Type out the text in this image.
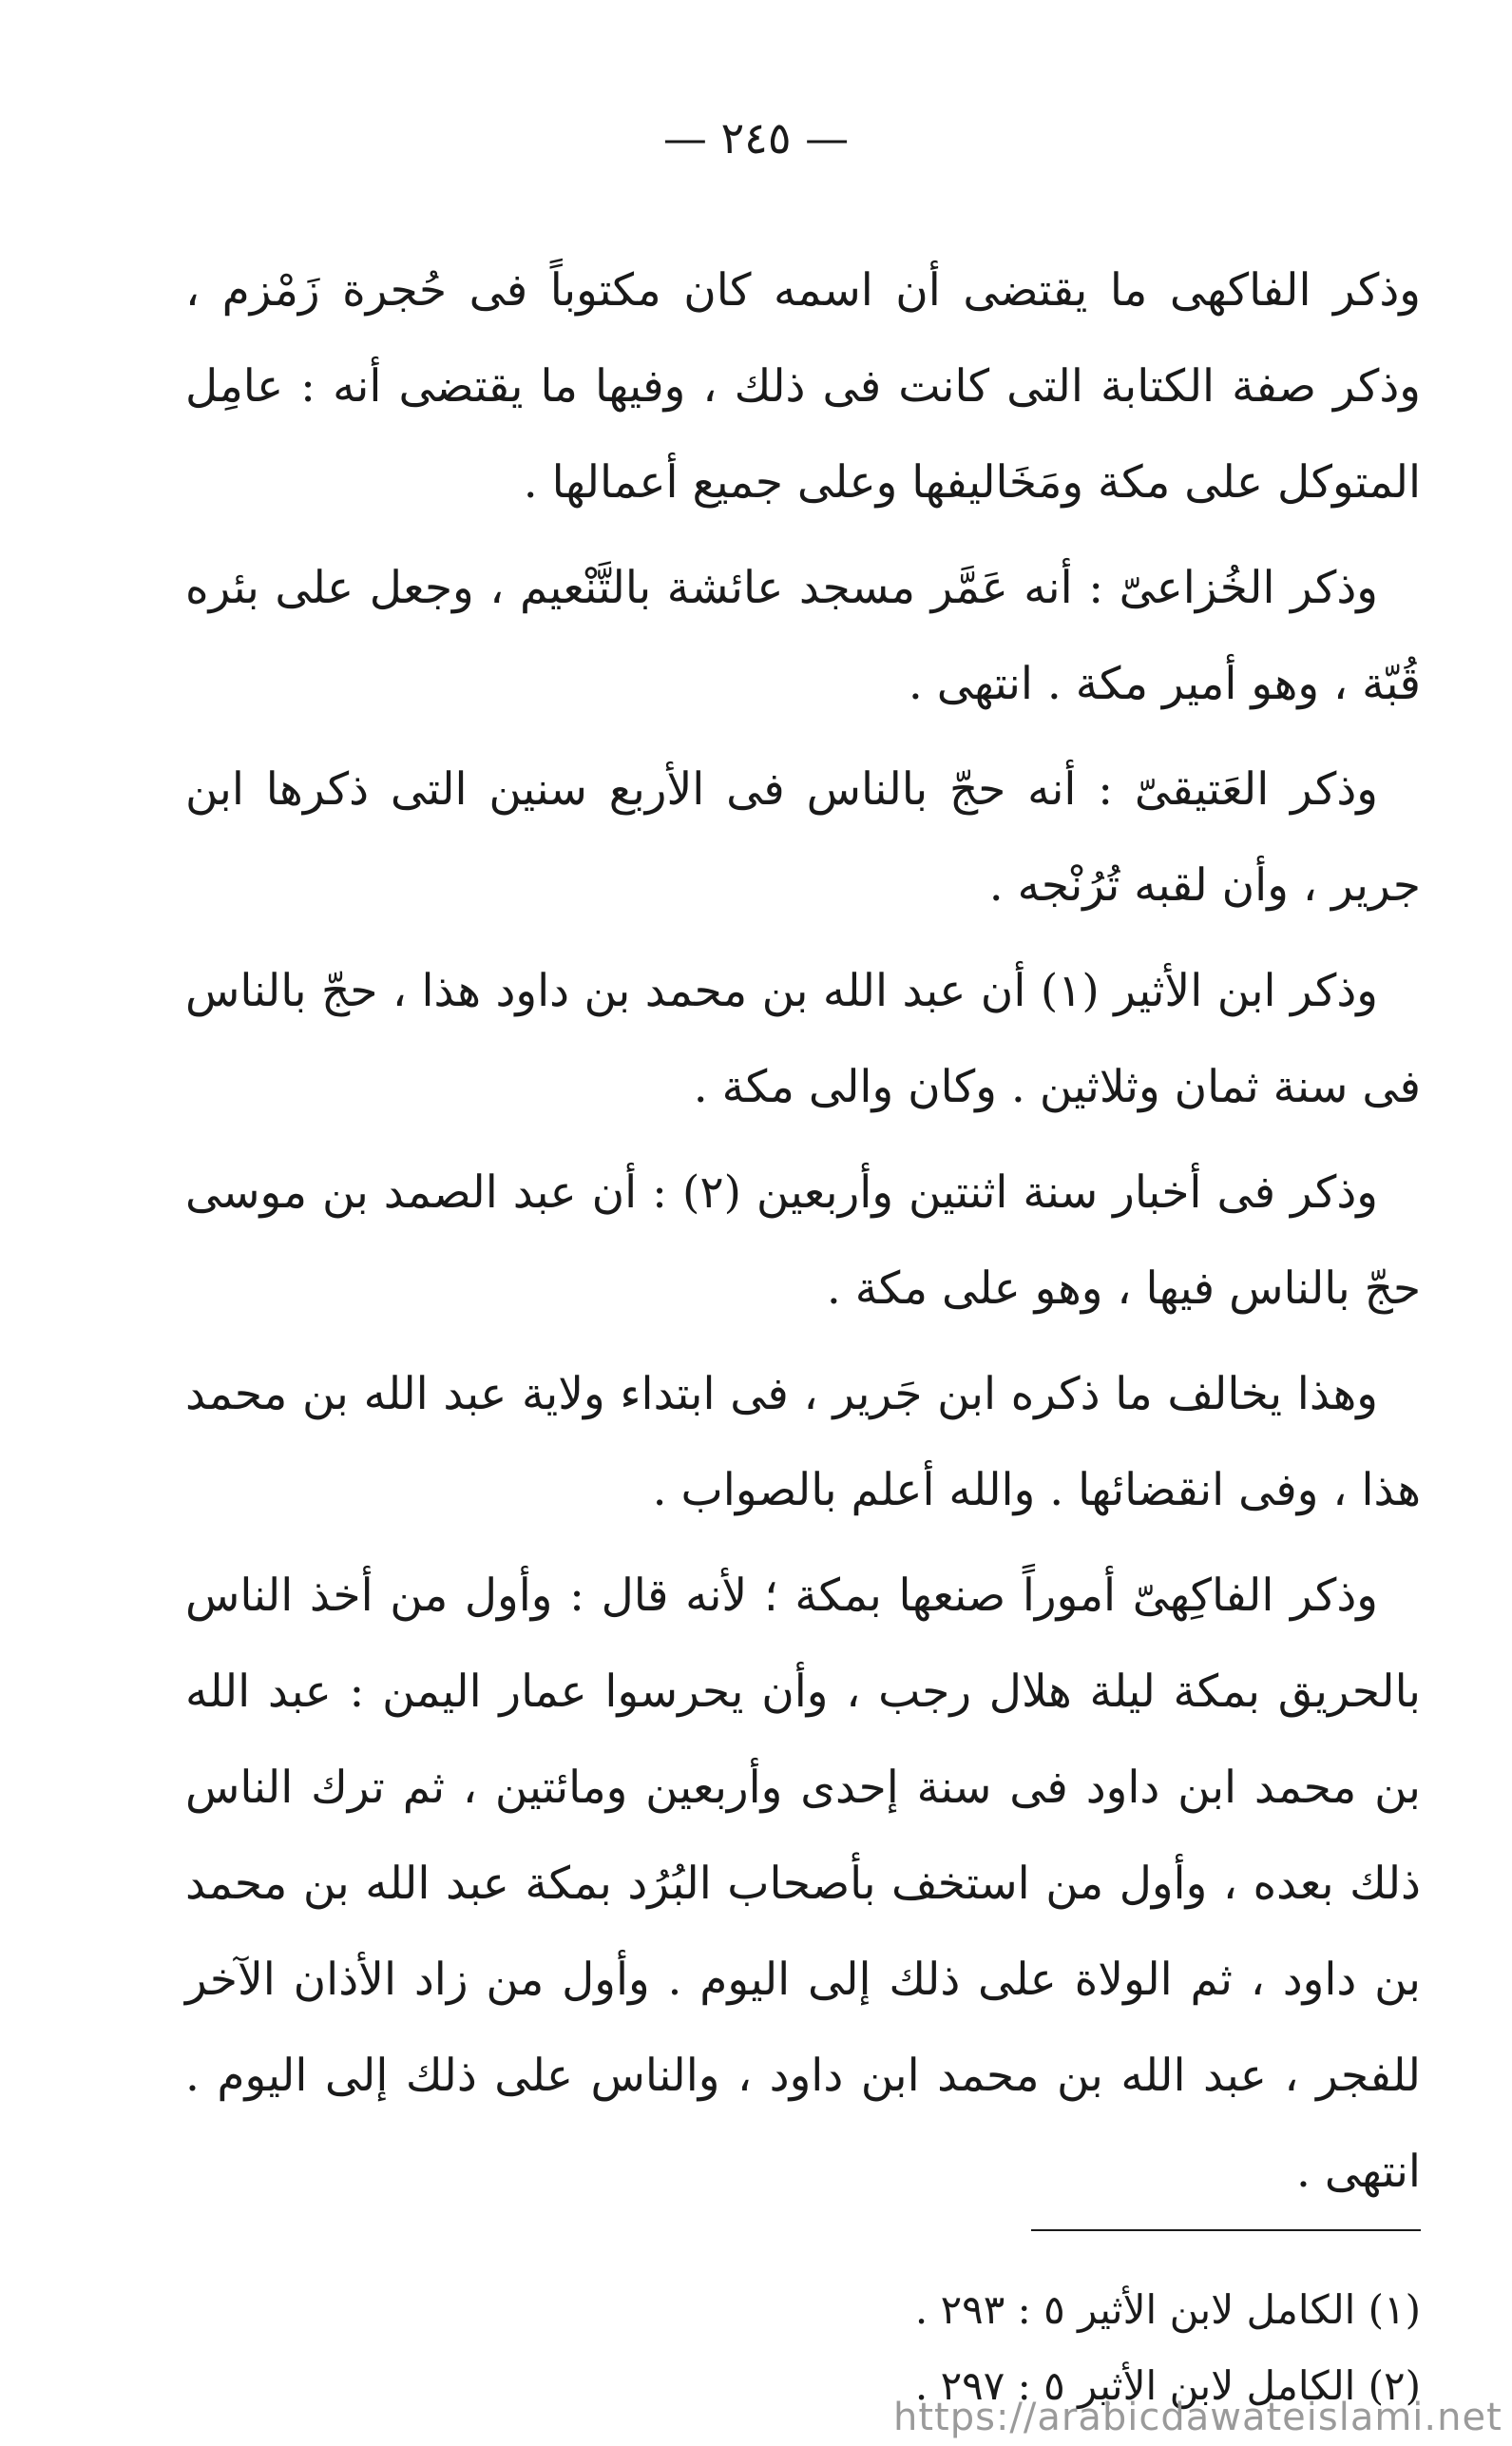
— ٢٤٥ —

وذكر الفاكهى ما يقتضى أن اسمه كان مكتوباً فى حُجرة زَمْزم ، وذكر صفة الكتابة التى كانت فى ذلك ، وفيها ما يقتضى أنه : عامِل المتوكل على مكة ومَخَاليفها وعلى جميع أعمالها .

وذكر الخُزاعىّ : أنه عَمَّر مسجد عائشة بالتَّنْعيم ، وجعل على بئره قُبّة ، وهو أمير مكة . انتهى .

وذكر العَتيقىّ : أنه حجّ بالناس فى الأربع سنين التى ذكرها ابن جرير ، وأن لقبه تُرُنْجه .

وذكر ابن الأثير (١) أن عبد الله بن محمد بن داود هذا ، حجّ بالناس فى سنة ثمان وثلاثين . وكان والى مكة .

وذكر فى أخبار سنة اثنتين وأربعين (٢) : أن عبد الصمد بن موسى حجّ بالناس فيها ، وهو على مكة .

وهذا يخالف ما ذكره ابن جَرير ، فى ابتداء ولاية عبد الله بن محمد هذا ، وفى انقضائها . والله أعلم بالصواب .

وذكر الفاكِهىّ أموراً صنعها بمكة ؛ لأنه قال : وأول من أخذ الناس بالحريق بمكة ليلة هلال رجب ، وأن يحرسوا عمار اليمن : عبد الله بن محمد ابن داود فى سنة إحدى وأربعين ومائتين ، ثم ترك الناس ذلك بعده ، وأول من استخف بأصحاب البُرُد بمكة عبد الله بن محمد بن داود ، ثم الولاة على ذلك إلى اليوم . وأول من زاد الأذان الآخر للفجر ، عبد الله بن محمد ابن داود ، والناس على ذلك إلى اليوم . انتهى .

(١) الكامل لابن الأثير ٥ : ٢٩٣ .

(٢) الكامل لابن الأثير ٥ : ٢٩٧ .

https://arabicdawateislami.net
